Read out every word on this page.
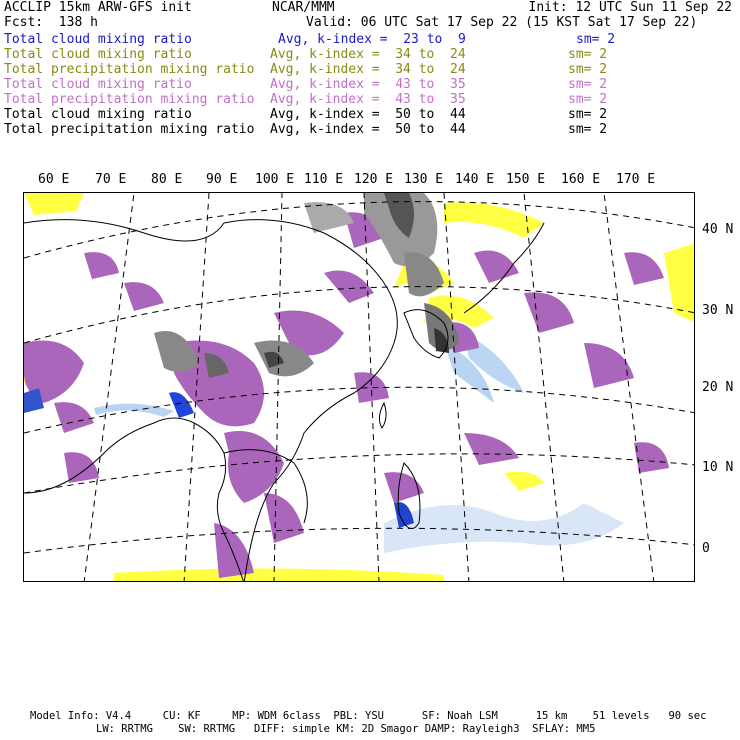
ACCLIP 15km ARW-GFS init	NCAR/MMM	Init: 12 UTC Sun 11 Sep 22
Fcst:  138 h	Valid: 06 UTC Sat 17 Sep 22 (15 KST Sat 17 Sep 22)
Total cloud mixing ratio	Avg, k-index =  23 to  9	sm= 2
Total cloud mixing ratio	Avg, k-index =  34 to  24	sm= 2
Total precipitation mixing ratio Avg, k-index =  34 to  24	sm= 2
Total cloud mixing ratio	Avg, k-index =  43 to  35	sm= 2
Total precipitation mixing ratio Avg, k-index =  43 to  35	sm= 2
Total cloud mixing ratio	Avg, k-index =  50 to  44	sm= 2
Total precipitation mixing ratio Avg, k-index =  50 to  44	sm= 2
60 E 70 E 80 E 90 E 100 E 110 E 120 E 130 E 140 E 150 E 160 E 170 E
40 N
30 N
20 N
10 N
0
Model Info: V4.4     CU: KF     MP: WDM 6class  PBL: YSU      SF: Noah LSM      15 km    51 levels   90 sec
LW: RRTMG    SW: RRTMG   DIFF: simple KM: 2D Smagor DAMP: Rayleigh3  SFLAY: MM5
